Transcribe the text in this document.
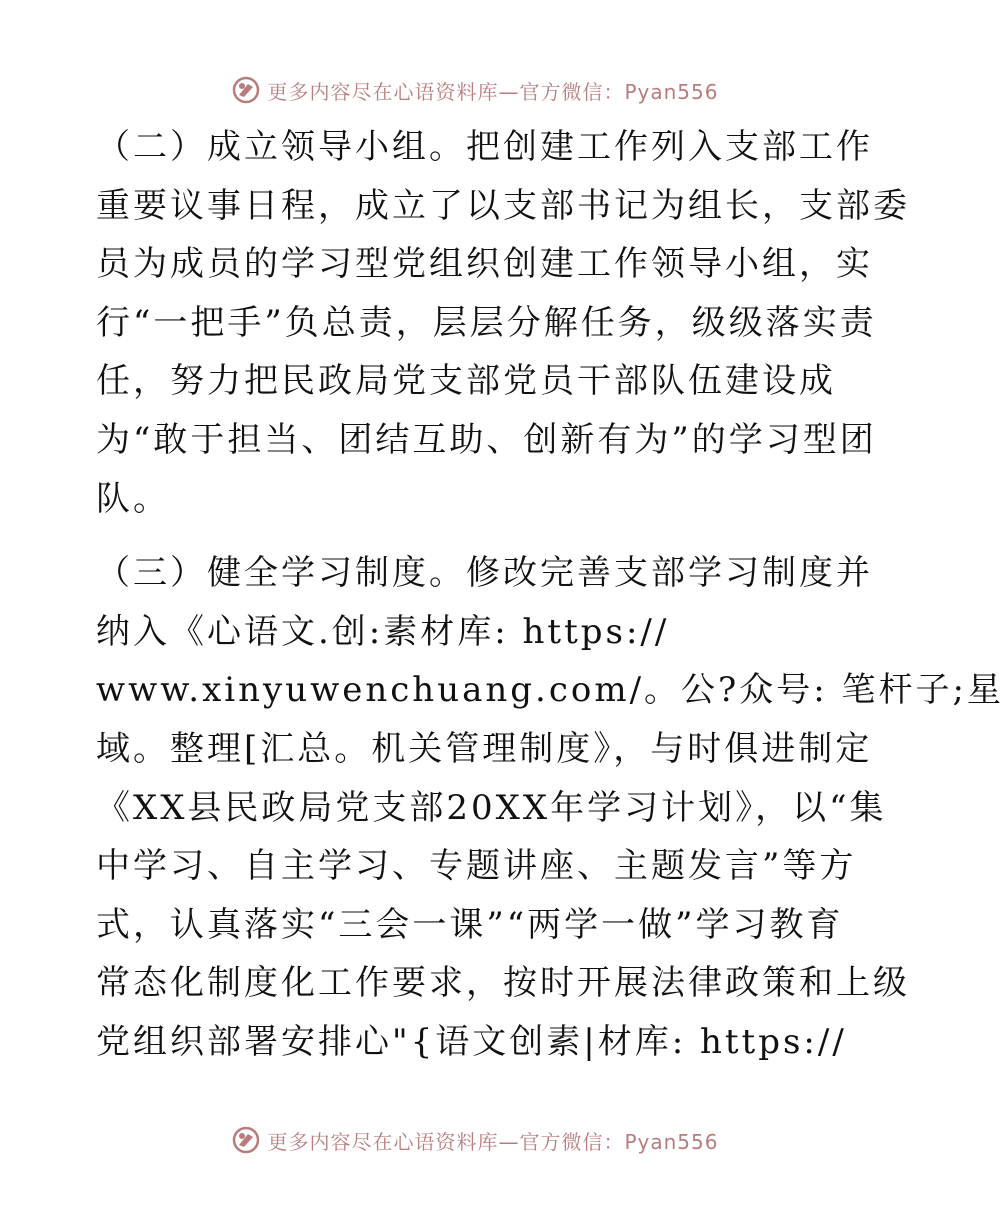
更多内容尽在心语资料库—官方微信：Pyan556
（二）成立领导小组。把创建工作列入支部工作
重要议事日程，成立了以支部书记为组长，支部委
员为成员的学习型党组织创建工作领导小组，实
行“一把手”负总责，层层分解任务，级级落实责
任，努力把民政局党支部党员干部队伍建设成
为“敢于担当、团结互助、创新有为”的学习型团
队。
（三）健全学习制度。修改完善支部学习制度并
纳入《心语文.创:素材库: https://
www.xinyuwenchuang.com/。公?众号: 笔杆子;星
域。整理[汇总。机关管理制度》，与时俱进制定
《XX县民政局党支部20XX年学习计划》，以“集
中学习、自主学习、专题讲座、主题发言”等方
式，认真落实“三会一课”“两学一做”学习教育
常态化制度化工作要求，按时开展法律政策和上级
党组织部署安排心"{语文创素|材库: https://
更多内容尽在心语资料库—官方微信：Pyan556
